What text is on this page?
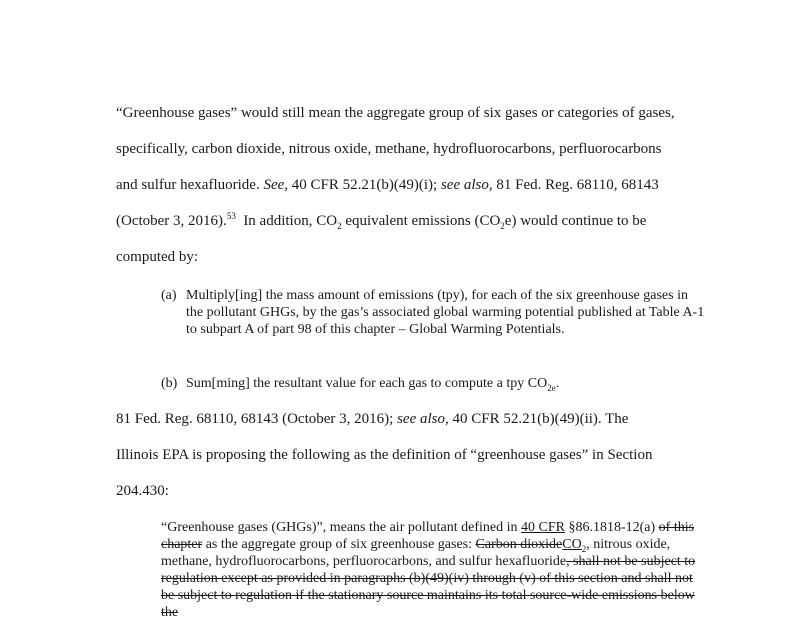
“Greenhouse gases” would still mean the aggregate group of six gases or categories of gases,

specifically, carbon dioxide, nitrous oxide, methane, hydrofluorocarbons, perfluorocarbons

and sulfur hexafluoride. See, 40 CFR 52.21(b)(49)(i); see also, 81 Fed. Reg. 68110, 68143

(October 3, 2016).$^{53}$ In addition, $CO_2$ equivalent emissions $(CO_2e)$ would continue to be

computed by:

(a) Multiply[ing] the mass amount of emissions (tpy), for each of the six greenhouse gases in the pollutant GHGs, by the gas’s associated global warming potential published at Table A-1 to subpart A of part 98 of this chapter – Global Warming Potentials.
(b) Sum[ming] the resultant value for each gas to compute a tpy $CO_{2e}$.

81 Fed. Reg. 68110, 68143 (October 3, 2016); see also, 40 CFR 52.21(b)(49)(ii). The

Illinois EPA is proposing the following as the definition of “greenhouse gases” in Section

204.430:

“Greenhouse gases (GHGs)”, means the air pollutant defined in 40 CFR §86.1818-12(a) of this chapter as the aggregate group of six greenhouse gases: Carbon dioxideCO$_2$, nitrous oxide, methane, hydrofluorocarbons, perfluorocarbons, and sulfur hexafluoride, shall not be subject to regulation except as provided in paragraphs (b)(49)(iv) through (v) of this section and shall not be subject to regulation if the stationary source maintains its total source-wide emissions below the
